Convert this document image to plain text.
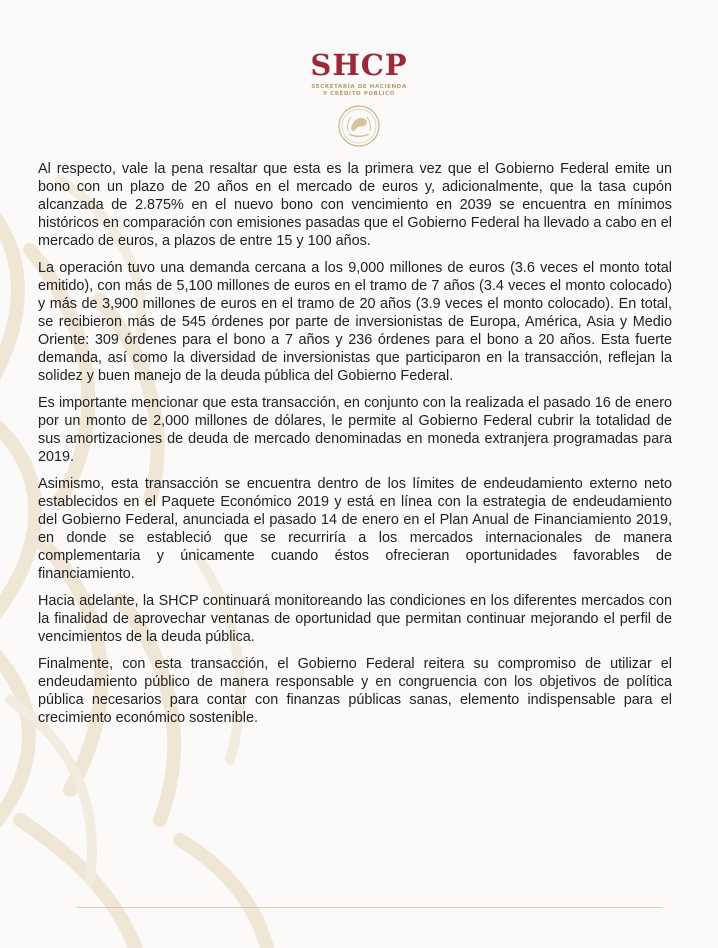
SHCP
SECRETARÍA DE HACIENDA
Y CRÉDITO PÚBLICO

Al respecto, vale la pena resaltar que esta es la primera vez que el Gobierno Federal emite un bono con un plazo de 20 años en el mercado de euros y, adicionalmente, que la tasa cupón alcanzada de 2.875% en el nuevo bono con vencimiento en 2039 se encuentra en mínimos históricos en comparación con emisiones pasadas que el Gobierno Federal ha llevado a cabo en el mercado de euros, a plazos de entre 15 y 100 años.

La operación tuvo una demanda cercana a los 9,000 millones de euros (3.6 veces el monto total emitido), con más de 5,100 millones de euros en el tramo de 7 años (3.4 veces el monto colocado) y más de 3,900 millones de euros en el tramo de 20 años (3.9 veces el monto colocado). En total, se recibieron más de 545 órdenes por parte de inversionistas de Europa, América, Asia y Medio Oriente: 309 órdenes para el bono a 7 años y 236 órdenes para el bono a 20 años. Esta fuerte demanda, así como la diversidad de inversionistas que participaron en la transacción, reflejan la solidez y buen manejo de la deuda pública del Gobierno Federal.

Es importante mencionar que esta transacción, en conjunto con la realizada el pasado 16 de enero por un monto de 2,000 millones de dólares, le permite al Gobierno Federal cubrir la totalidad de sus amortizaciones de deuda de mercado denominadas en moneda extranjera programadas para 2019.

Asimismo, esta transacción se encuentra dentro de los límites de endeudamiento externo neto establecidos en el Paquete Económico 2019 y está en línea con la estrategia de endeudamiento del Gobierno Federal, anunciada el pasado 14 de enero en el Plan Anual de Financiamiento 2019, en donde se estableció que se recurriría a los mercados internacionales de manera complementaria y únicamente cuando éstos ofrecieran oportunidades favorables de financiamiento.

Hacia adelante, la SHCP continuará monitoreando las condiciones en los diferentes mercados con la finalidad de aprovechar ventanas de oportunidad que permitan continuar mejorando el perfil de vencimientos de la deuda pública.

Finalmente, con esta transacción, el Gobierno Federal reitera su compromiso de utilizar el endeudamiento público de manera responsable y en congruencia con los objetivos de política pública necesarios para contar con finanzas públicas sanas, elemento indispensable para el crecimiento económico sostenible.
